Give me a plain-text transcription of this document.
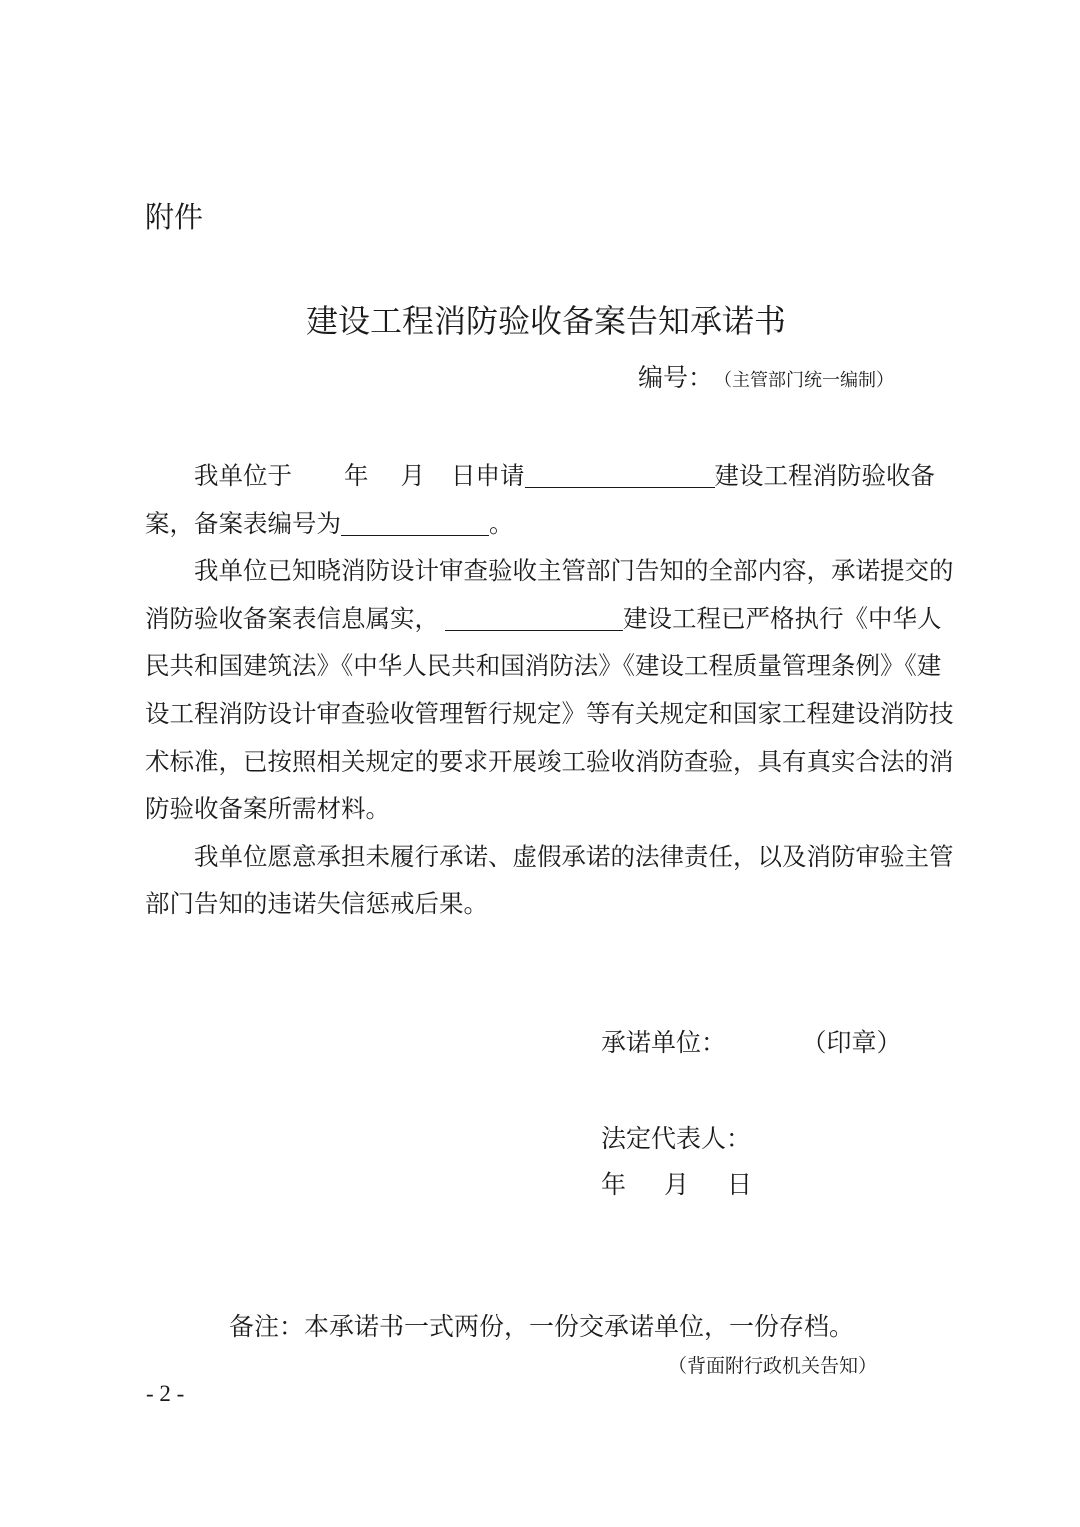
附件
建设工程消防验收备案告知承诺书
编号： （主管部门统一编制）
我单位于 年 月 日申请	建设工程消防验收备
案，备案表编号为	。
我单位已知晓消防设计审查验收主管部门告知的全部内容，承诺提交的
消防验收备案表信息属实，	建设工程已严格执行《中华人
民共和国建筑法》《中华人民共和国消防法》《建设工程质量管理条例》《建
设工程消防设计审查验收管理暂行规定》等有关规定和国家工程建设消防技
术标准，已按照相关规定的要求开展竣工验收消防查验，具有真实合法的消
防验收备案所需材料。
我单位愿意承担未履行承诺、虚假承诺的法律责任，以及消防审验主管
部门告知的违诺失信惩戒后果。
承诺单位：	（印章）
法定代表人：
年 月 日
备注：本承诺书一式两份，一份交承诺单位，一份存档。
（背面附行政机关告知）
- 2 -
